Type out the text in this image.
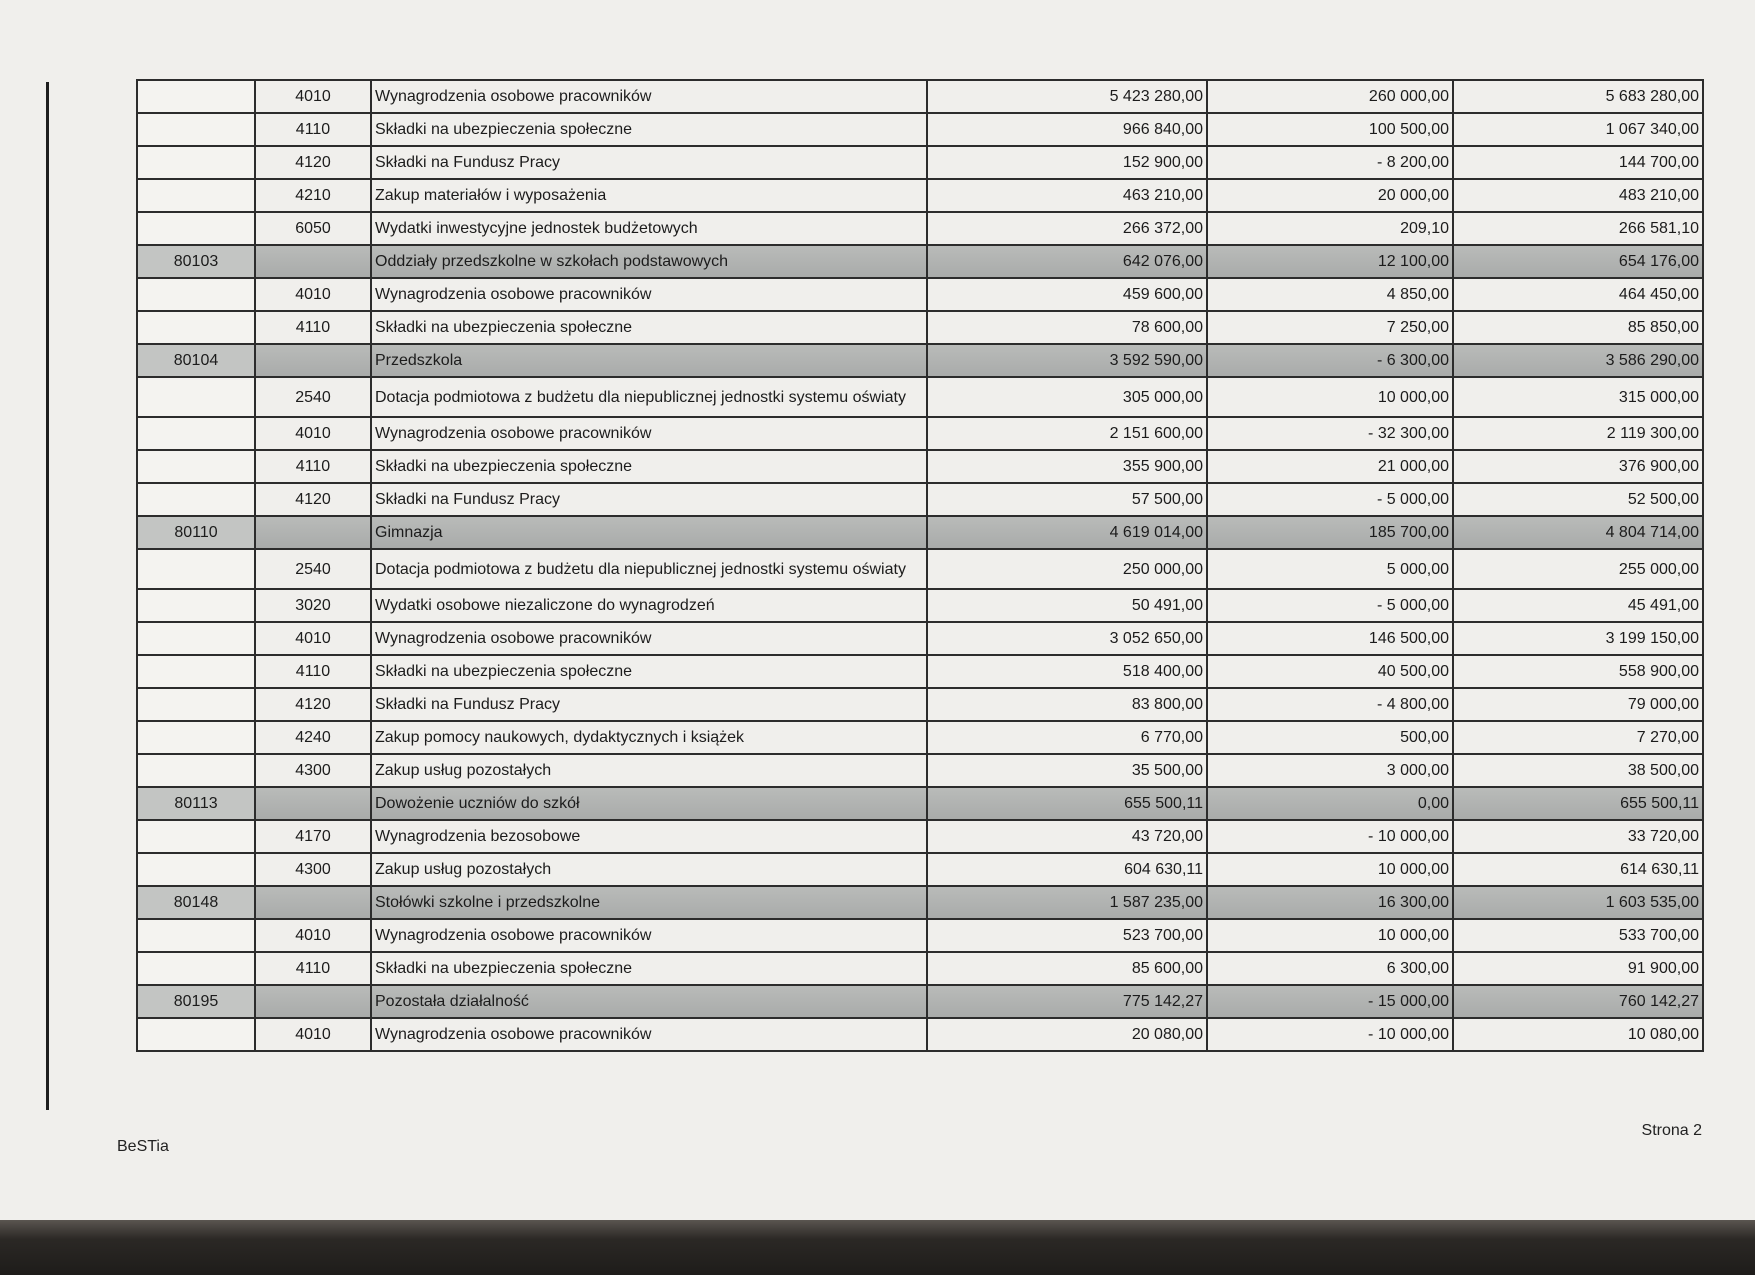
	4010	Wynagrodzenia osobowe pracowników	5 423 280,00	260 000,00	5 683 280,00
	4110	Składki na ubezpieczenia społeczne	966 840,00	100 500,00	1 067 340,00
	4120	Składki na Fundusz Pracy	152 900,00	- 8 200,00	144 700,00
	4210	Zakup materiałów i wyposażenia	463 210,00	20 000,00	483 210,00
	6050	Wydatki inwestycyjne jednostek budżetowych	266 372,00	209,10	266 581,10
80103		Oddziały przedszkolne w szkołach podstawowych	642 076,00	12 100,00	654 176,00
	4010	Wynagrodzenia osobowe pracowników	459 600,00	4 850,00	464 450,00
	4110	Składki na ubezpieczenia społeczne	78 600,00	7 250,00	85 850,00
80104		Przedszkola	3 592 590,00	- 6 300,00	3 586 290,00
	2540	Dotacja podmiotowa z budżetu dla niepublicznej jednostki systemu oświaty	305 000,00	10 000,00	315 000,00
	4010	Wynagrodzenia osobowe pracowników	2 151 600,00	- 32 300,00	2 119 300,00
	4110	Składki na ubezpieczenia społeczne	355 900,00	21 000,00	376 900,00
	4120	Składki na Fundusz Pracy	57 500,00	- 5 000,00	52 500,00
80110		Gimnazja	4 619 014,00	185 700,00	4 804 714,00
	2540	Dotacja podmiotowa z budżetu dla niepublicznej jednostki systemu oświaty	250 000,00	5 000,00	255 000,00
	3020	Wydatki osobowe niezaliczone do wynagrodzeń	50 491,00	- 5 000,00	45 491,00
	4010	Wynagrodzenia osobowe pracowników	3 052 650,00	146 500,00	3 199 150,00
	4110	Składki na ubezpieczenia społeczne	518 400,00	40 500,00	558 900,00
	4120	Składki na Fundusz Pracy	83 800,00	- 4 800,00	79 000,00
	4240	Zakup pomocy naukowych, dydaktycznych i książek	6 770,00	500,00	7 270,00
	4300	Zakup usług pozostałych	35 500,00	3 000,00	38 500,00
80113		Dowożenie uczniów do szkół	655 500,11	0,00	655 500,11
	4170	Wynagrodzenia bezosobowe	43 720,00	- 10 000,00	33 720,00
	4300	Zakup usług pozostałych	604 630,11	10 000,00	614 630,11
80148		Stołówki szkolne i przedszkolne	1 587 235,00	16 300,00	1 603 535,00
	4010	Wynagrodzenia osobowe pracowników	523 700,00	10 000,00	533 700,00
	4110	Składki na ubezpieczenia społeczne	85 600,00	6 300,00	91 900,00
80195		Pozostała działalność	775 142,27	- 15 000,00	760 142,27
	4010	Wynagrodzenia osobowe pracowników	20 080,00	- 10 000,00	10 080,00
BeSTia
Strona 2
